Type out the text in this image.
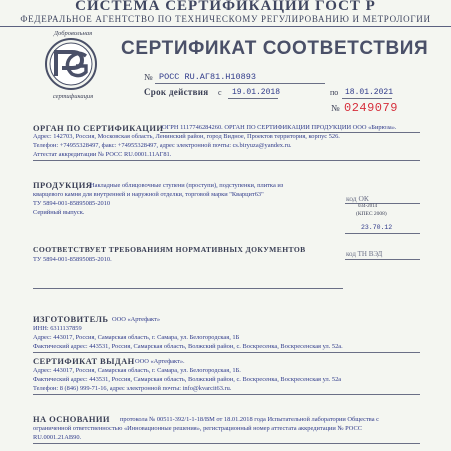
СИСТЕМА СЕРТИФИКАЦИИ ГОСТ Р
ФЕДЕРАЛЬНОЕ АГЕНТСТВО ПО ТЕХНИЧЕСКОМУ РЕГУЛИРОВАНИЮ И МЕТРОЛОГИИ
Добровольная
сертификация
СЕРТИФИКАТ СООТВЕТСТВИЯ
№ РОСС RU.АГ81.Н10893
Срок действия с 19.01.2018	по 18.01.2021
№ 0249079
ОРГАН ПО СЕРТИФИКАЦИИ
ОГРН 1117746284260. ОРГАН ПО СЕРТИФИКАЦИИ ПРОДУКЦИИ ООО «Бирюза».
Адрес: 142703, Россия, Московская область, Ленинский район, город Видное, Проектов территория, корпус 526.
Телефон: +74955328497, факс: +74955328497, адрес электронной почты: cs.biryuza@yandex.ru.
Аттестат аккредитации № РОСС RU.0001.11АГ81.
ПРОДУКЦИЯ
Накладные облицовочные ступени (проступи), подступенки, плитка из
кварцевого камня для внутренней и наружной отделки, торговой марки "Кварцит63"
ТУ 5894-001-85895085-2010
Серийный выпуск.
код ОК
034-2014
(КПЕС 2008)
23.70.12
СООТВЕТСТВУЕТ ТРЕБОВАНИЯМ НОРМАТИВНЫХ ДОКУМЕНТОВ
ТУ 5894-001-85895085-2010.
код ТН ВЭД
ИЗГОТОВИТЕЛЬ ООО «Артефакт»
ИНН: 6311137859
Адрес: 443017, Россия, Самарская область, г. Самара, ул. Белогородская, 1Б
Фактический адрес: 443531, Россия, Самарская область, Волжский район, с. Воскресенка, Воскресенская ул. 52а.
СЕРТИФИКАТ ВЫДАН ООО «Артефакт».
Адрес: 443017, Россия, Самарская область, г. Самара, ул. Белогородская, 1Б.
Фактический адрес: 443531, Россия, Самарская область, Волжский район, с. Воскресенка, Воскресенская ул. 52а
Телефон: 8 (846) 999-71-16, адрес электронной почты: info@kvarcit63.ru.
НА ОСНОВАНИИ протокола № 00511-392/1-1-18/ВМ от 18.01.2018 года Испытательной лаборатории Общества с
ограниченной ответственностью «Инновационные решения», регистрационный номер аттестата аккредитации № РОСС
RU.0001.21АВ90.
